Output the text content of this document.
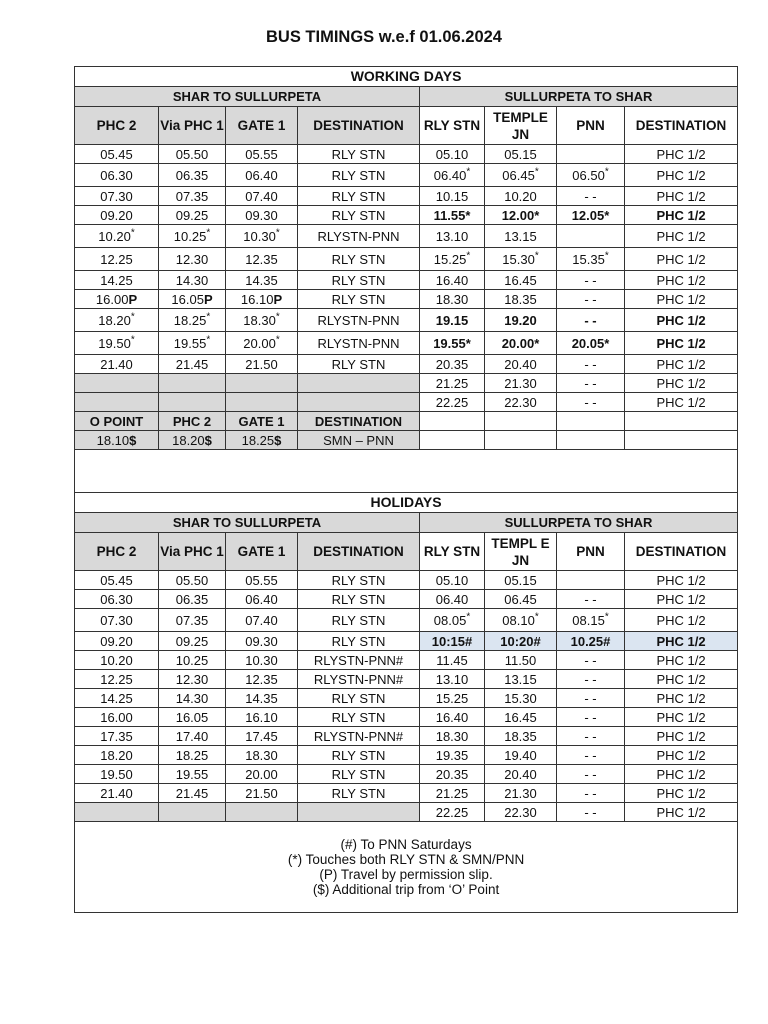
BUS TIMINGS w.e.f 01.06.2024
WORKING DAYS							
SHAR TO SULLURPETA				SULLURPETA TO SHAR			
PHC 2	Via PHC 1	GATE 1	DESTINATION	RLY STN	TEMPLE JN	PNN	DESTINATION
05.45	05.50	05.55	RLY STN	05.10	05.15		PHC 1/2
06.30	06.35	06.40	RLY STN	06.40*	06.45*	06.50*	PHC 1/2
07.30	07.35	07.40	RLY STN	10.15	10.20	- -	PHC 1/2
09.20	09.25	09.30	RLY STN	11.55*	12.00*	12.05*	PHC 1/2
10.20*	10.25*	10.30*	RLYSTN-PNN	13.10	13.15		PHC 1/2
12.25	12.30	12.35	RLY STN	15.25*	15.30*	15.35*	PHC 1/2
14.25	14.30	14.35	RLY STN	16.40	16.45	- -	PHC 1/2
16.00P	16.05P	16.10P	RLY STN	18.30	18.35	- -	PHC 1/2
18.20*	18.25*	18.30*	RLYSTN-PNN	19.15	19.20	- -	PHC 1/2
19.50*	19.55*	20.00*	RLYSTN-PNN	19.55*	20.00*	20.05*	PHC 1/2
21.40	21.45	21.50	RLY STN	20.35	20.40	- -	PHC 1/2
				21.25	21.30	- -	PHC 1/2
				22.25	22.30	- -	PHC 1/2
O POINT	PHC 2	GATE 1	DESTINATION				
18.10$	18.20$	18.25$	SMN – PNN				

HOLIDAYS							
SHAR TO SULLURPETA				SULLURPETA TO SHAR			
PHC 2	Via PHC 1	GATE 1	DESTINATION	RLY STN	TEMPL E JN	PNN	DESTINATION
05.45	05.50	05.55	RLY STN	05.10	05.15		PHC 1/2
06.30	06.35	06.40	RLY STN	06.40	06.45	- -	PHC 1/2
07.30	07.35	07.40	RLY STN	08.05*	08.10*	08.15*	PHC 1/2
09.20	09.25	09.30	RLY STN	10:15#	10:20#	10.25#	PHC 1/2
10.20	10.25	10.30	RLYSTN-PNN#	11.45	11.50	- -	PHC 1/2
12.25	12.30	12.35	RLYSTN-PNN#	13.10	13.15	- -	PHC 1/2
14.25	14.30	14.35	RLY STN	15.25	15.30	- -	PHC 1/2
16.00	16.05	16.10	RLY STN	16.40	16.45	- -	PHC 1/2
17.35	17.40	17.45	RLYSTN-PNN#	18.30	18.35	- -	PHC 1/2
18.20	18.25	18.30	RLY STN	19.35	19.40	- -	PHC 1/2
19.50	19.55	20.00	RLY STN	20.35	20.40	- -	PHC 1/2
21.40	21.45	21.50	RLY STN	21.25	21.30	- -	PHC 1/2
				22.25	22.30	- -	PHC 1/2

(#) To PNN Saturdays
(*) Touches both RLY STN & SMN/PNN
(P) Travel by permission slip.
($) Additional trip from ‘O’ Point							
